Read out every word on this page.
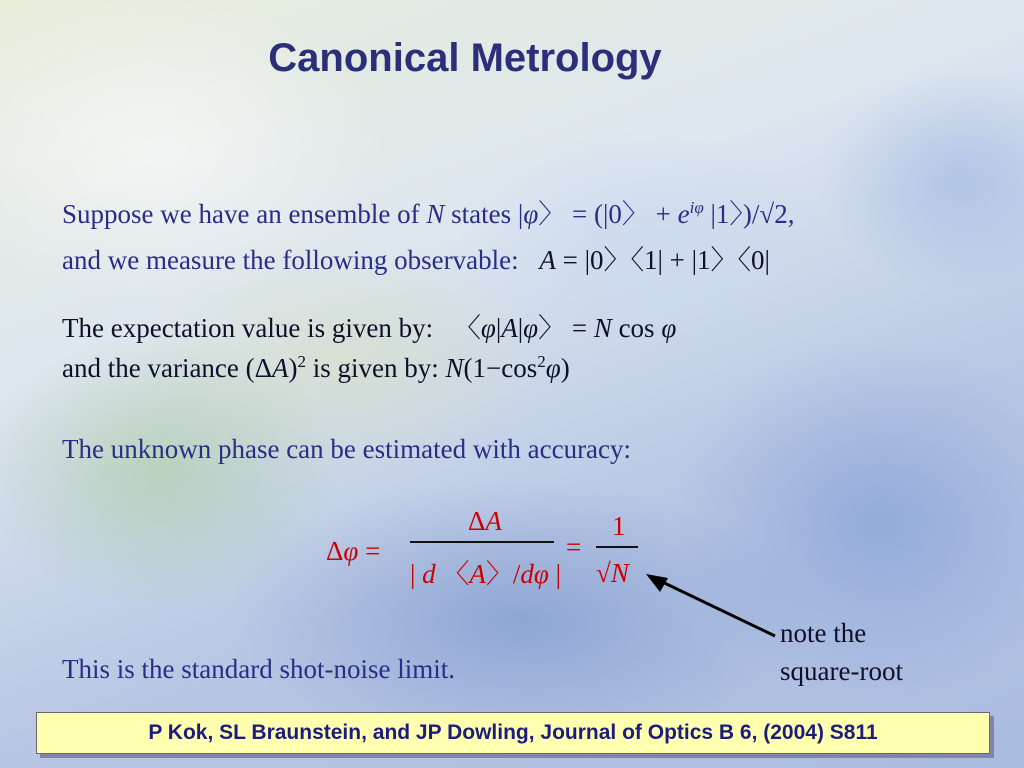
Canonical Metrology
Suppose we have an ensemble of N states |φ〉 = (|0〉 + $e^{i\varphi}$ |1〉)/√2,
and we measure the following observable: A = |0〉〈1| + |1〉〈0|
The expectation value is given by: 〈φ|A|φ〉 = N cos φ
and the variance $(\Delta A)^2$ is given by: $N(1-\cos^2\varphi)$
The unknown phase can be estimated with accuracy:
Δφ =
ΔA
| d 〈A〉/dφ |
=
1
√N
note the
square-root
This is the standard shot-noise limit.
P Kok, SL Braunstein, and JP Dowling, Journal of Optics B 6, (2004) S811
